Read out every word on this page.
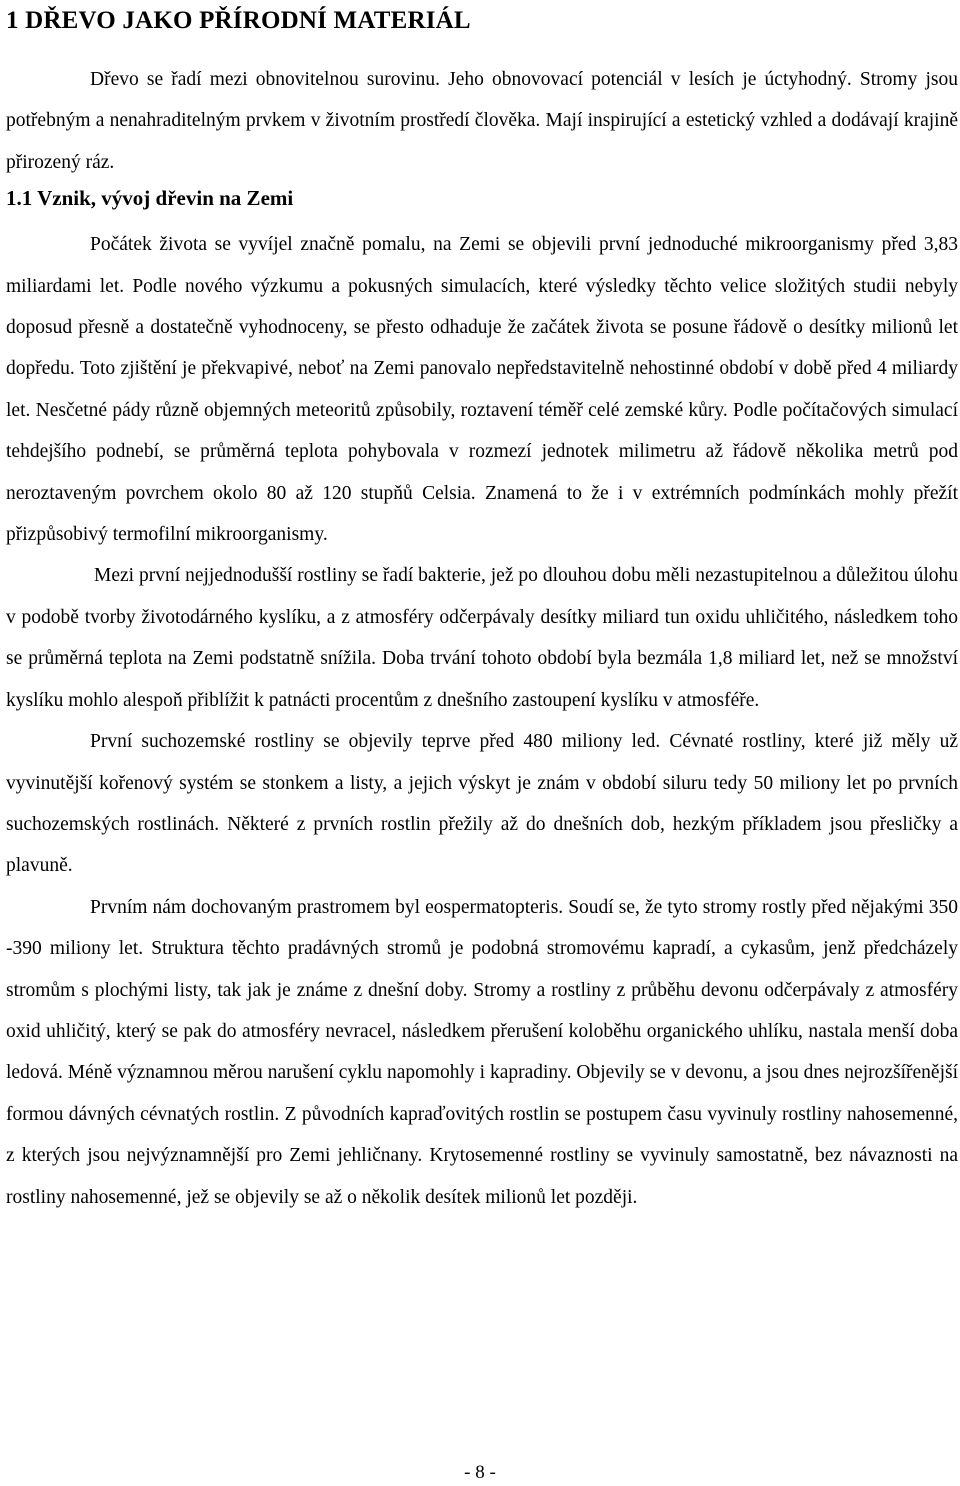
1 DŘEVO JAKO PŘÍRODNÍ MATERIÁL

Dřevo se řadí mezi obnovitelnou surovinu. Jeho obnovovací potenciál v lesích je úctyhodný. Stromy jsou potřebným a nenahraditelným prvkem v životním prostředí člověka. Mají inspirující a estetický vzhled a dodávají krajině přirozený ráz.

1.1 Vznik, vývoj dřevin na Zemi

Počátek života se vyvíjel značně pomalu, na Zemi se objevili první jednoduché mikroorganismy před 3,83 miliardami let. Podle nového výzkumu a pokusných simulacích, které výsledky těchto velice složitých studii nebyly doposud přesně a dostatečně vyhodnoceny, se přesto odhaduje že začátek života se posune řádově o desítky milionů let dopředu. Toto zjištění je překvapivé, neboť na Zemi panovalo nepředstavitelně nehostinné období v době před 4 miliardy let. Nesčetné pády různě objemných meteoritů způsobily, roztavení téměř celé zemské kůry. Podle počítačových simulací tehdejšího podnebí, se průměrná teplota pohybovala v rozmezí jednotek milimetru až řádově několika metrů pod neroztaveným povrchem okolo 80 až 120 stupňů Celsia. Znamená to že i v extrémních podmínkách mohly přežít přizpůsobivý termofilní mikroorganismy.

Mezi první nejjednodušší rostliny se řadí bakterie, jež po dlouhou dobu měli nezastupitelnou a důležitou úlohu v podobě tvorby životodárného kyslíku, a z atmosféry odčerpávaly desítky miliard tun oxidu uhličitého, následkem toho se průměrná teplota na Zemi podstatně snížila. Doba trvání tohoto období byla bezmála 1,8 miliard let, než se množství kyslíku mohlo alespoň přiblížit k patnácti procentům z dnešního zastoupení kyslíku v atmosféře.

První suchozemské rostliny se objevily teprve před 480 miliony led. Cévnaté rostliny, které již měly už vyvinutější kořenový systém se stonkem a listy, a jejich výskyt je znám v období siluru tedy 50 miliony let po prvních suchozemských rostlinách. Některé z prvních rostlin přežily až do dnešních dob, hezkým příkladem jsou přesličky a plavuně.

Prvním nám dochovaným prastromem byl eospermatopteris. Soudí se, že tyto stromy rostly před nějakými 350 -390 miliony let. Struktura těchto pradávných stromů je podobná stromovému kapradí, a cykasům, jenž předcházely stromům s plochými listy, tak jak je známe z dnešní doby. Stromy a rostliny z průběhu devonu odčerpávaly z atmosféry oxid uhličitý, který se pak do atmosféry nevracel, následkem přerušení koloběhu organického uhlíku, nastala menší doba ledová. Méně významnou měrou narušení cyklu napomohly i kapradiny. Objevily se v devonu, a jsou dnes nejrozšířenější formou dávných cévnatých rostlin. Z původních kapraďovitých rostlin se postupem času vyvinuly rostliny nahosemenné, z kterých jsou nejvýznamnější pro Zemi jehličnany. Krytosemenné rostliny se vyvinuly samostatně, bez návaznosti na rostliny nahosemenné, jež se objevily se až o několik desítek milionů let později.

- 8 -
